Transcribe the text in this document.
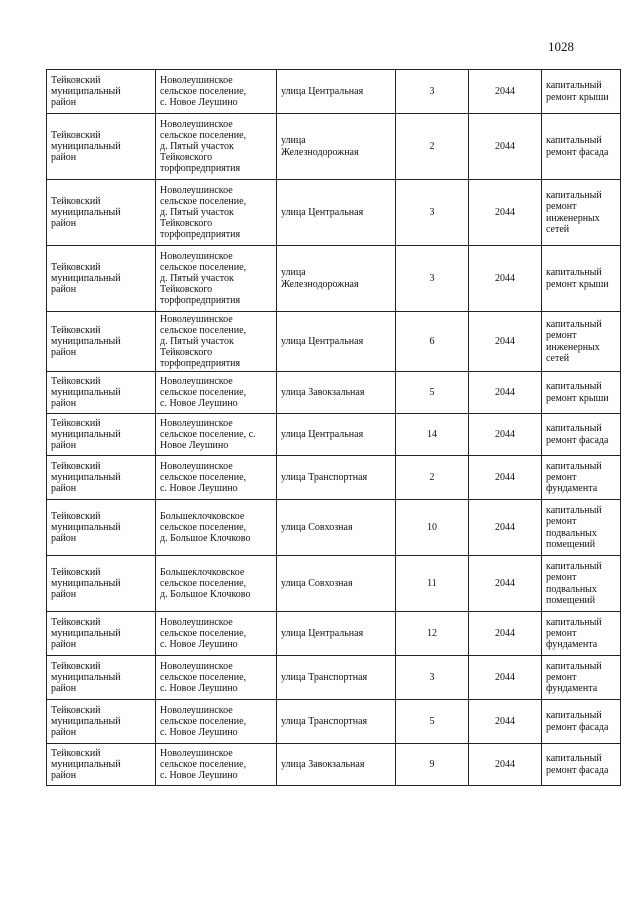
1028
Тейковский
муниципальный
район	Новолеушинское
сельское поселение,
с. Новое Леушино	улица Центральная	3	2044	капитальный
ремонт крыши

Тейковский
муниципальный
район	Новолеушинское
сельское поселение,
д. Пятый участок
Тейковского
торфопредприятия	улица
Железнодорожная	2	2044	капитальный
ремонт фасада

Тейковский
муниципальный
район	Новолеушинское
сельское поселение,
д. Пятый участок
Тейковского
торфопредприятия	улица Центральная	3	2044	капитальный
ремонт
инженерных
сетей

Тейковский
муниципальный
район	Новолеушинское
сельское поселение,
д. Пятый участок
Тейковского
торфопредприятия	улица
Железнодорожная	3	2044	капитальный
ремонт крыши

Тейковский
муниципальный
район	Новолеушинское
сельское поселение,
д. Пятый участок
Тейковского
торфопредприятия	улица Центральная	6	2044	капитальный
ремонт
инженерных
сетей

Тейковский
муниципальный
район	Новолеушинское
сельское поселение,
с. Новое Леушино	улица Завокзальная	5	2044	капитальный
ремонт крыши

Тейковский
муниципальный
район	Новолеушинское
сельское поселение, с.
Новое Леушино	улица Центральная	14	2044	капитальный
ремонт фасада

Тейковский
муниципальный
район	Новолеушинское
сельское поселение,
с. Новое Леушино	улица Транспортная	2	2044	капитальный
ремонт
фундамента

Тейковский
муниципальный
район	Большеклочковское
сельское поселение,
д. Большое Клочково	улица Совхозная	10	2044	капитальный
ремонт
подвальных
помещений

Тейковский
муниципальный
район	Большеклочковское
сельское поселение,
д. Большое Клочково	улица Совхозная	11	2044	капитальный
ремонт
подвальных
помещений

Тейковский
муниципальный
район	Новолеушинское
сельское поселение,
с. Новое Леушино	улица Центральная	12	2044	капитальный
ремонт
фундамента

Тейковский
муниципальный
район	Новолеушинское
сельское поселение,
с. Новое Леушино	улица Транспортная	3	2044	капитальный
ремонт
фундамента

Тейковский
муниципальный
район	Новолеушинское
сельское поселение,
с. Новое Леушино	улица Транспортная	5	2044	капитальный
ремонт фасада

Тейковский
муниципальный
район	Новолеушинское
сельское поселение,
с. Новое Леушино	улица Завокзальная	9	2044	капитальный
ремонт фасада
